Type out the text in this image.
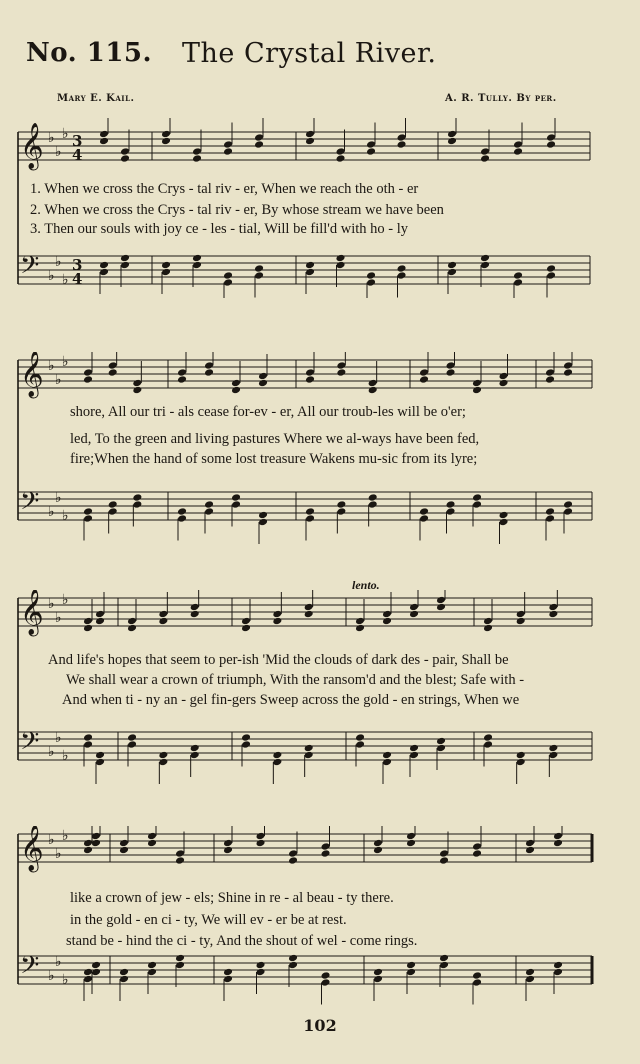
No. 115. The Crystal River.
Mary E. Kail.	A. R. Tully. By per.
𝄞 ♭
♭
♭ 3
4
𝄢 ♭
♭
♭
3
4
1. When we cross the Crys - tal riv - er, When we reach the oth - er
2. When we cross the Crys - tal riv - er, By whose stream we have been
3. Then our souls with joy ce - les - tial, Will be fill'd with ho - ly
𝄞 ♭
♭
♭
𝄢 ♭
♭
♭
shore, All our tri - als cease for-ev - er, All our troub-les will be o'er;
led, To the green and living pastures Where we al-ways have been fed,
fire;When the hand of some lost treasure Wakens mu-sic from its lyre;
lento.
𝄞 ♭
♭
♭
𝄢 ♭
♭
♭
And life's hopes that seem to per-ish 'Mid the clouds of dark des - pair, Shall be
We shall wear a crown of triumph, With the ransom'd and the blest; Safe with -
And when ti - ny an - gel fin-gers Sweep across the gold - en strings, When we
𝄞 ♭
♭
♭
𝄢 ♭
♭
♭
like a crown of jew - els; Shine in re - al beau - ty there.
in the gold - en ci - ty, We will ev - er be at rest.
stand be - hind the ci - ty, And the shout of wel - come rings.
102
